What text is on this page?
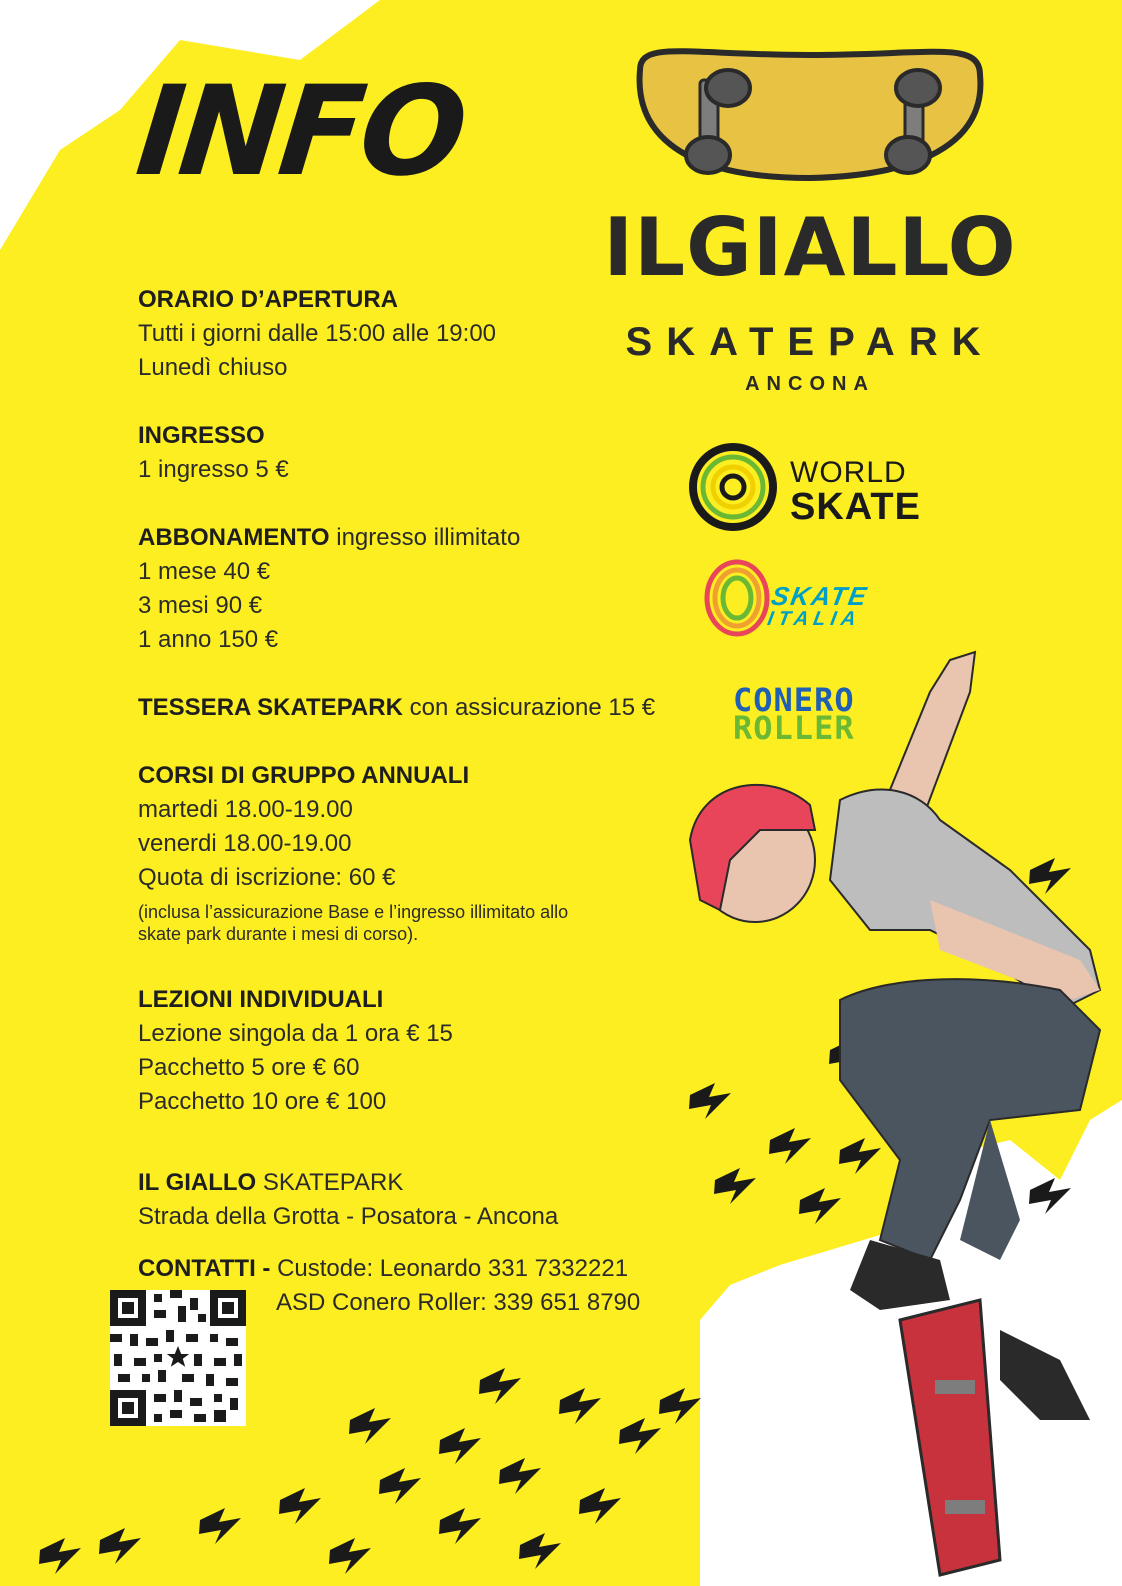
INFO
ILGIALLO
SKATEPARK
ANCONA
WORLD
SKATE
SKATE
ITALIA
CONERO
ROLLER
ORARIO D’APERTURA
Tutti i giorni dalle 15:00 alle 19:00
Lunedì chiuso
INGRESSO
1 ingresso 5 €
ABBONAMENTO ingresso illimitato
1 mese 40 €
3 mesi 90 €
1 anno 150 €
TESSERA SKATEPARK con assicurazione 15 €
CORSI DI GRUPPO ANNUALI
martedi 18.00-19.00
venerdi 18.00-19.00
Quota di iscrizione: 60 €
(inclusa l’assicurazione Base e l’ingresso illimitato allo
skate park durante i mesi di corso).
LEZIONI INDIVIDUALI
Lezione singola da 1 ora € 15
Pacchetto 5 ore € 60
Pacchetto 10 ore € 100
IL GIALLO SKATEPARK
Strada della Grotta - Posatora - Ancona
CONTATTI - Custode: Leonardo 331 7332221
ASD Conero Roller: 339 651 8790
